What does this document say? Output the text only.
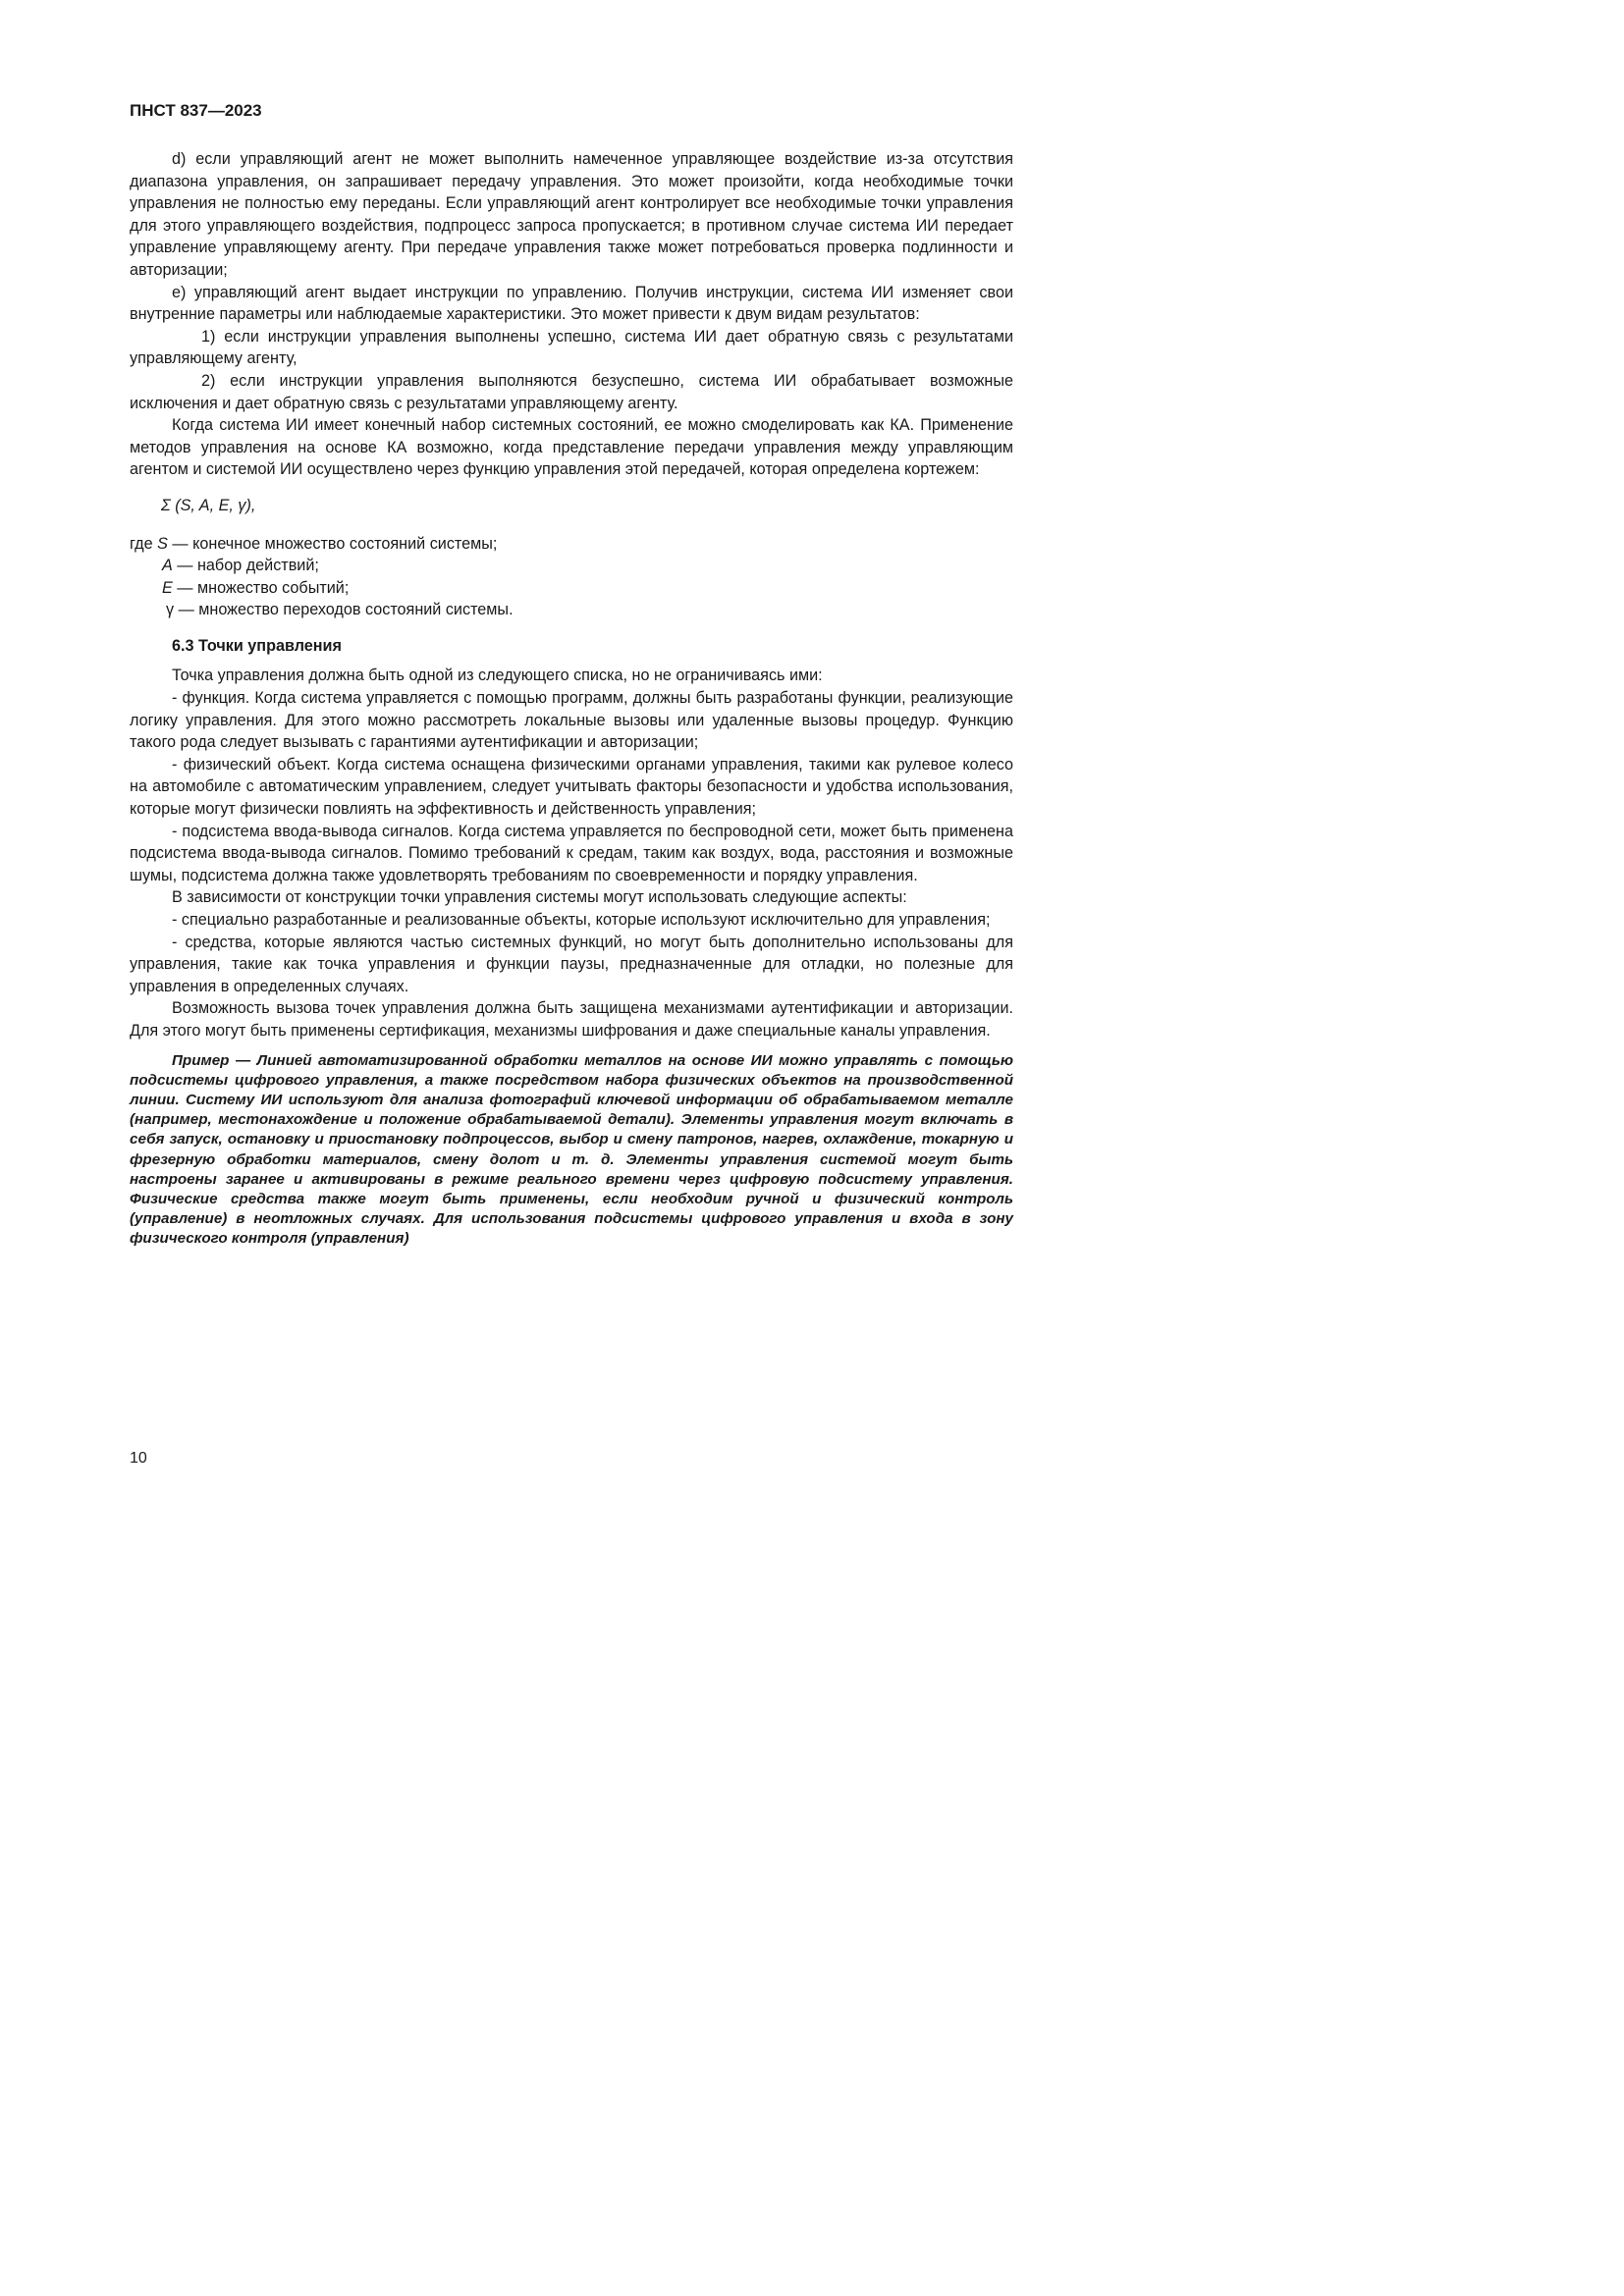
ПНСТ 837—2023

d) если управляющий агент не может выполнить намеченное управляющее воздействие из-за отсутствия диапазона управления, он запрашивает передачу управления. Это может произойти, когда необходимые точки управления не полностью ему переданы. Если управляющий агент контролирует все необходимые точки управления для этого управляющего воздействия, подпроцесс запроса пропускается; в противном случае система ИИ передает управление управляющему агенту. При передаче управления также может потребоваться проверка подлинности и авторизации;

е) управляющий агент выдает инструкции по управлению. Получив инструкции, система ИИ изменяет свои внутренние параметры или наблюдаемые характеристики. Это может привести к двум видам результатов:

1) если инструкции управления выполнены успешно, система ИИ дает обратную связь с результатами управляющему агенту,

2) если инструкции управления выполняются безуспешно, система ИИ обрабатывает возможные исключения и дает обратную связь с результатами управляющему агенту.

Когда система ИИ имеет конечный набор системных состояний, ее можно смоделировать как КА. Применение методов управления на основе КА возможно, когда представление передачи управления между управляющим агентом и системой ИИ осуществлено через функцию управления этой передачей, которая определена кортежем:

Σ (S, A, E, γ),

где S — конечное множество состояний системы;
A — набор действий;
E — множество событий;
γ — множество переходов состояний системы.

6.3 Точки управления

Точка управления должна быть одной из следующего списка, но не ограничиваясь ими:

- функция. Когда система управляется с помощью программ, должны быть разработаны функции, реализующие логику управления. Для этого можно рассмотреть локальные вызовы или удаленные вызовы процедур. Функцию такого рода следует вызывать с гарантиями аутентификации и авторизации;

- физический объект. Когда система оснащена физическими органами управления, такими как рулевое колесо на автомобиле с автоматическим управлением, следует учитывать факторы безопасности и удобства использования, которые могут физически повлиять на эффективность и действенность управления;

- подсистема ввода-вывода сигналов. Когда система управляется по беспроводной сети, может быть применена подсистема ввода-вывода сигналов. Помимо требований к средам, таким как воздух, вода, расстояния и возможные шумы, подсистема должна также удовлетворять требованиям по своевременности и порядку управления.

В зависимости от конструкции точки управления системы могут использовать следующие аспекты:

- специально разработанные и реализованные объекты, которые используют исключительно для управления;

- средства, которые являются частью системных функций, но могут быть дополнительно использованы для управления, такие как точка управления и функции паузы, предназначенные для отладки, но полезные для управления в определенных случаях.

Возможность вызова точек управления должна быть защищена механизмами аутентификации и авторизации. Для этого могут быть применены сертификация, механизмы шифрования и даже специальные каналы управления.

Пример — Линией автоматизированной обработки металлов на основе ИИ можно управлять с помощью подсистемы цифрового управления, а также посредством набора физических объектов на производственной линии. Систему ИИ используют для анализа фотографий ключевой информации об обрабатываемом металле (например, местонахождение и положение обрабатываемой детали). Элементы управления могут включать в себя запуск, остановку и приостановку подпроцессов, выбор и смену патронов, нагрев, охлаждение, токарную и фрезерную обработки материалов, смену долот и т. д. Элементы управления системой могут быть настроены заранее и активированы в режиме реального времени через цифровую подсистему управления. Физические средства также могут быть применены, если необходим ручной и физический контроль (управление) в неотложных случаях. Для использования подсистемы цифрового управления и входа в зону физического контроля (управления)

10
